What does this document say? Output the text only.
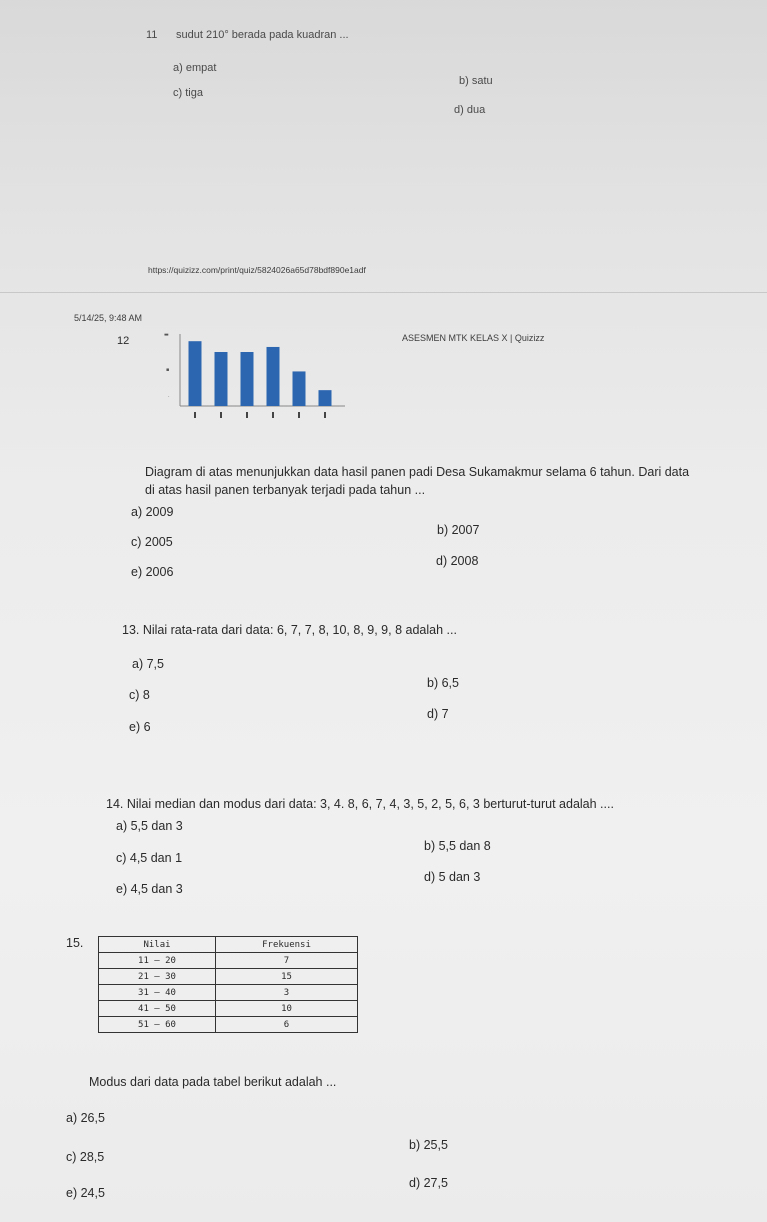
11 sudut 210° berada pada kuadran ...
a) empat
b) satu
c) tiga
d) dua
https://quizizz.com/print/quiz/5824026a65d78bdf890e1adf
5/14/25, 9:48 AM
ASESMEN MTK KELAS X | Quizizz
12	▬
▪
·
Diagram di atas menunjukkan data hasil panen padi Desa Sukamakmur selama 6 tahun. Dari data
di atas hasil panen terbanyak terjadi pada tahun ...
a) 2009
b) 2007
c) 2005
d) 2008
e) 2006
13. Nilai rata-rata dari data: 6, 7, 7, 8, 10, 8, 9, 9, 8 adalah ...
a) 7,5
b) 6,5
c) 8
d) 7
e) 6
14. Nilai median dan modus dari data: 3, 4. 8, 6, 7, 4, 3, 5, 2, 5, 6, 3 berturut-turut adalah ....
a) 5,5 dan 3
b) 5,5 dan 8
c) 4,5 dan 1
d) 5 dan 3
e) 4,5 dan 3
15.	Nilai	Frekuensi
11 – 20	7
21 – 30	15
31 – 40	3
41 – 50	10
51 – 60	6
Modus dari data pada tabel berikut adalah ...
a) 26,5
b) 25,5
c) 28,5
d) 27,5
e) 24,5
